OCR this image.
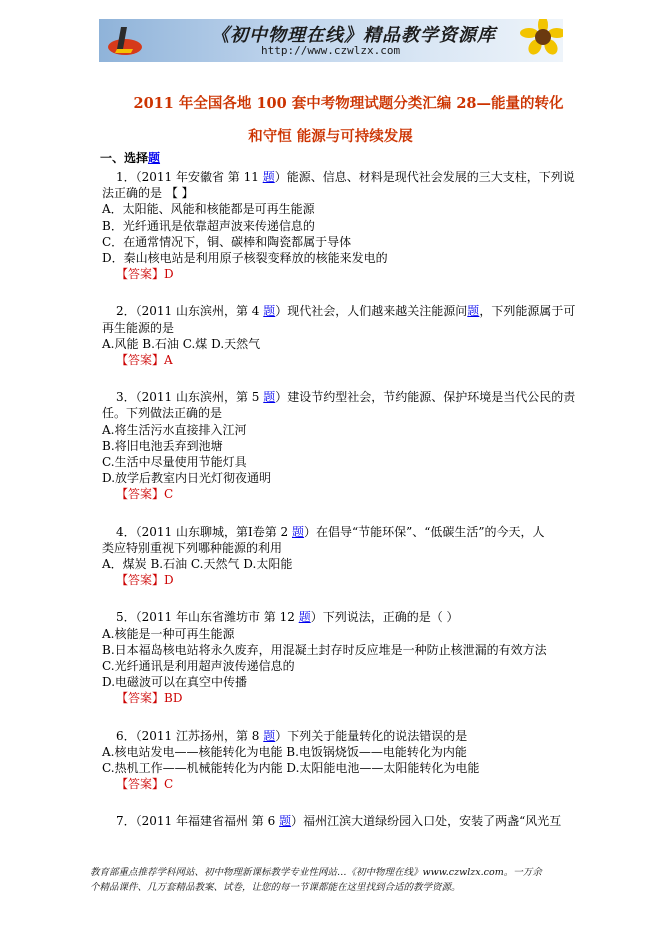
《初中物理在线》精品教学资源库
http://www.czwlzx.com
2011 年全国各地 100 套中考物理试题分类汇编 28—能量的转化
和守恒 能源与可持续发展
一、选择题
1．（2011 年安徽省 第 11 题）能源、信息、材料是现代社会发展的三大支柱，下列说
法正确的是 【 】
A．太阳能、风能和核能都是可再生能源
B．光纤通讯是依靠超声波来传递信息的
C．在通常情况下，铜、碳棒和陶瓷都属于导体
D．秦山核电站是利用原子核裂变释放的核能来发电的
【答案】D
2．（2011 山东滨州，第 4 题）现代社会，人们越来越关注能源问题，下列能源属于可
再生能源的是
A.风能 B.石油 C.煤 D.天然气
【答案】A
3．（2011 山东滨州，第 5 题）建设节约型社会，节约能源、保护环境是当代公民的责
任。下列做法正确的是
A.将生活污水直接排入江河
B.将旧电池丢弃到池塘
C.生活中尽量使用节能灯具
D.放学后教室内日光灯彻夜通明
【答案】C
4．（2011 山东聊城，第Ⅰ卷第 2 题）在倡导“节能环保”、“低碳生活”的今天，人
类应特别重视下列哪种能源的利用
A．煤炭 B.石油 C.天然气 D.太阳能
【答案】D
5．（2011 年山东省潍坊市 第 12 题）下列说法，正确的是（ ）
A.核能是一种可再生能源
B.日本福岛核电站将永久废弃，用混凝土封存时反应堆是一种防止核泄漏的有效方法
C.光纤通讯是利用超声波传递信息的
D.电磁波可以在真空中传播
【答案】BD
6．（2011 江苏扬州，第 8 题）下列关于能量转化的说法错误的是
A.核电站发电——核能转化为电能 B.电饭锅烧饭——电能转化为内能
C.热机工作——机械能转化为内能 D.太阳能电池——太阳能转化为电能
【答案】C
7．（2011 年福建省福州 第 6 题）福州江滨大道绿纷园入口处，安装了两盏“风光互
教育部重点推荐学科网站、初中物理新课标教学专业性网站…《初中物理在线》www.czwlzx.com。一万余
个精品课件、几万套精品教案、试卷，让您的每一节课都能在这里找到合适的教学资源。
